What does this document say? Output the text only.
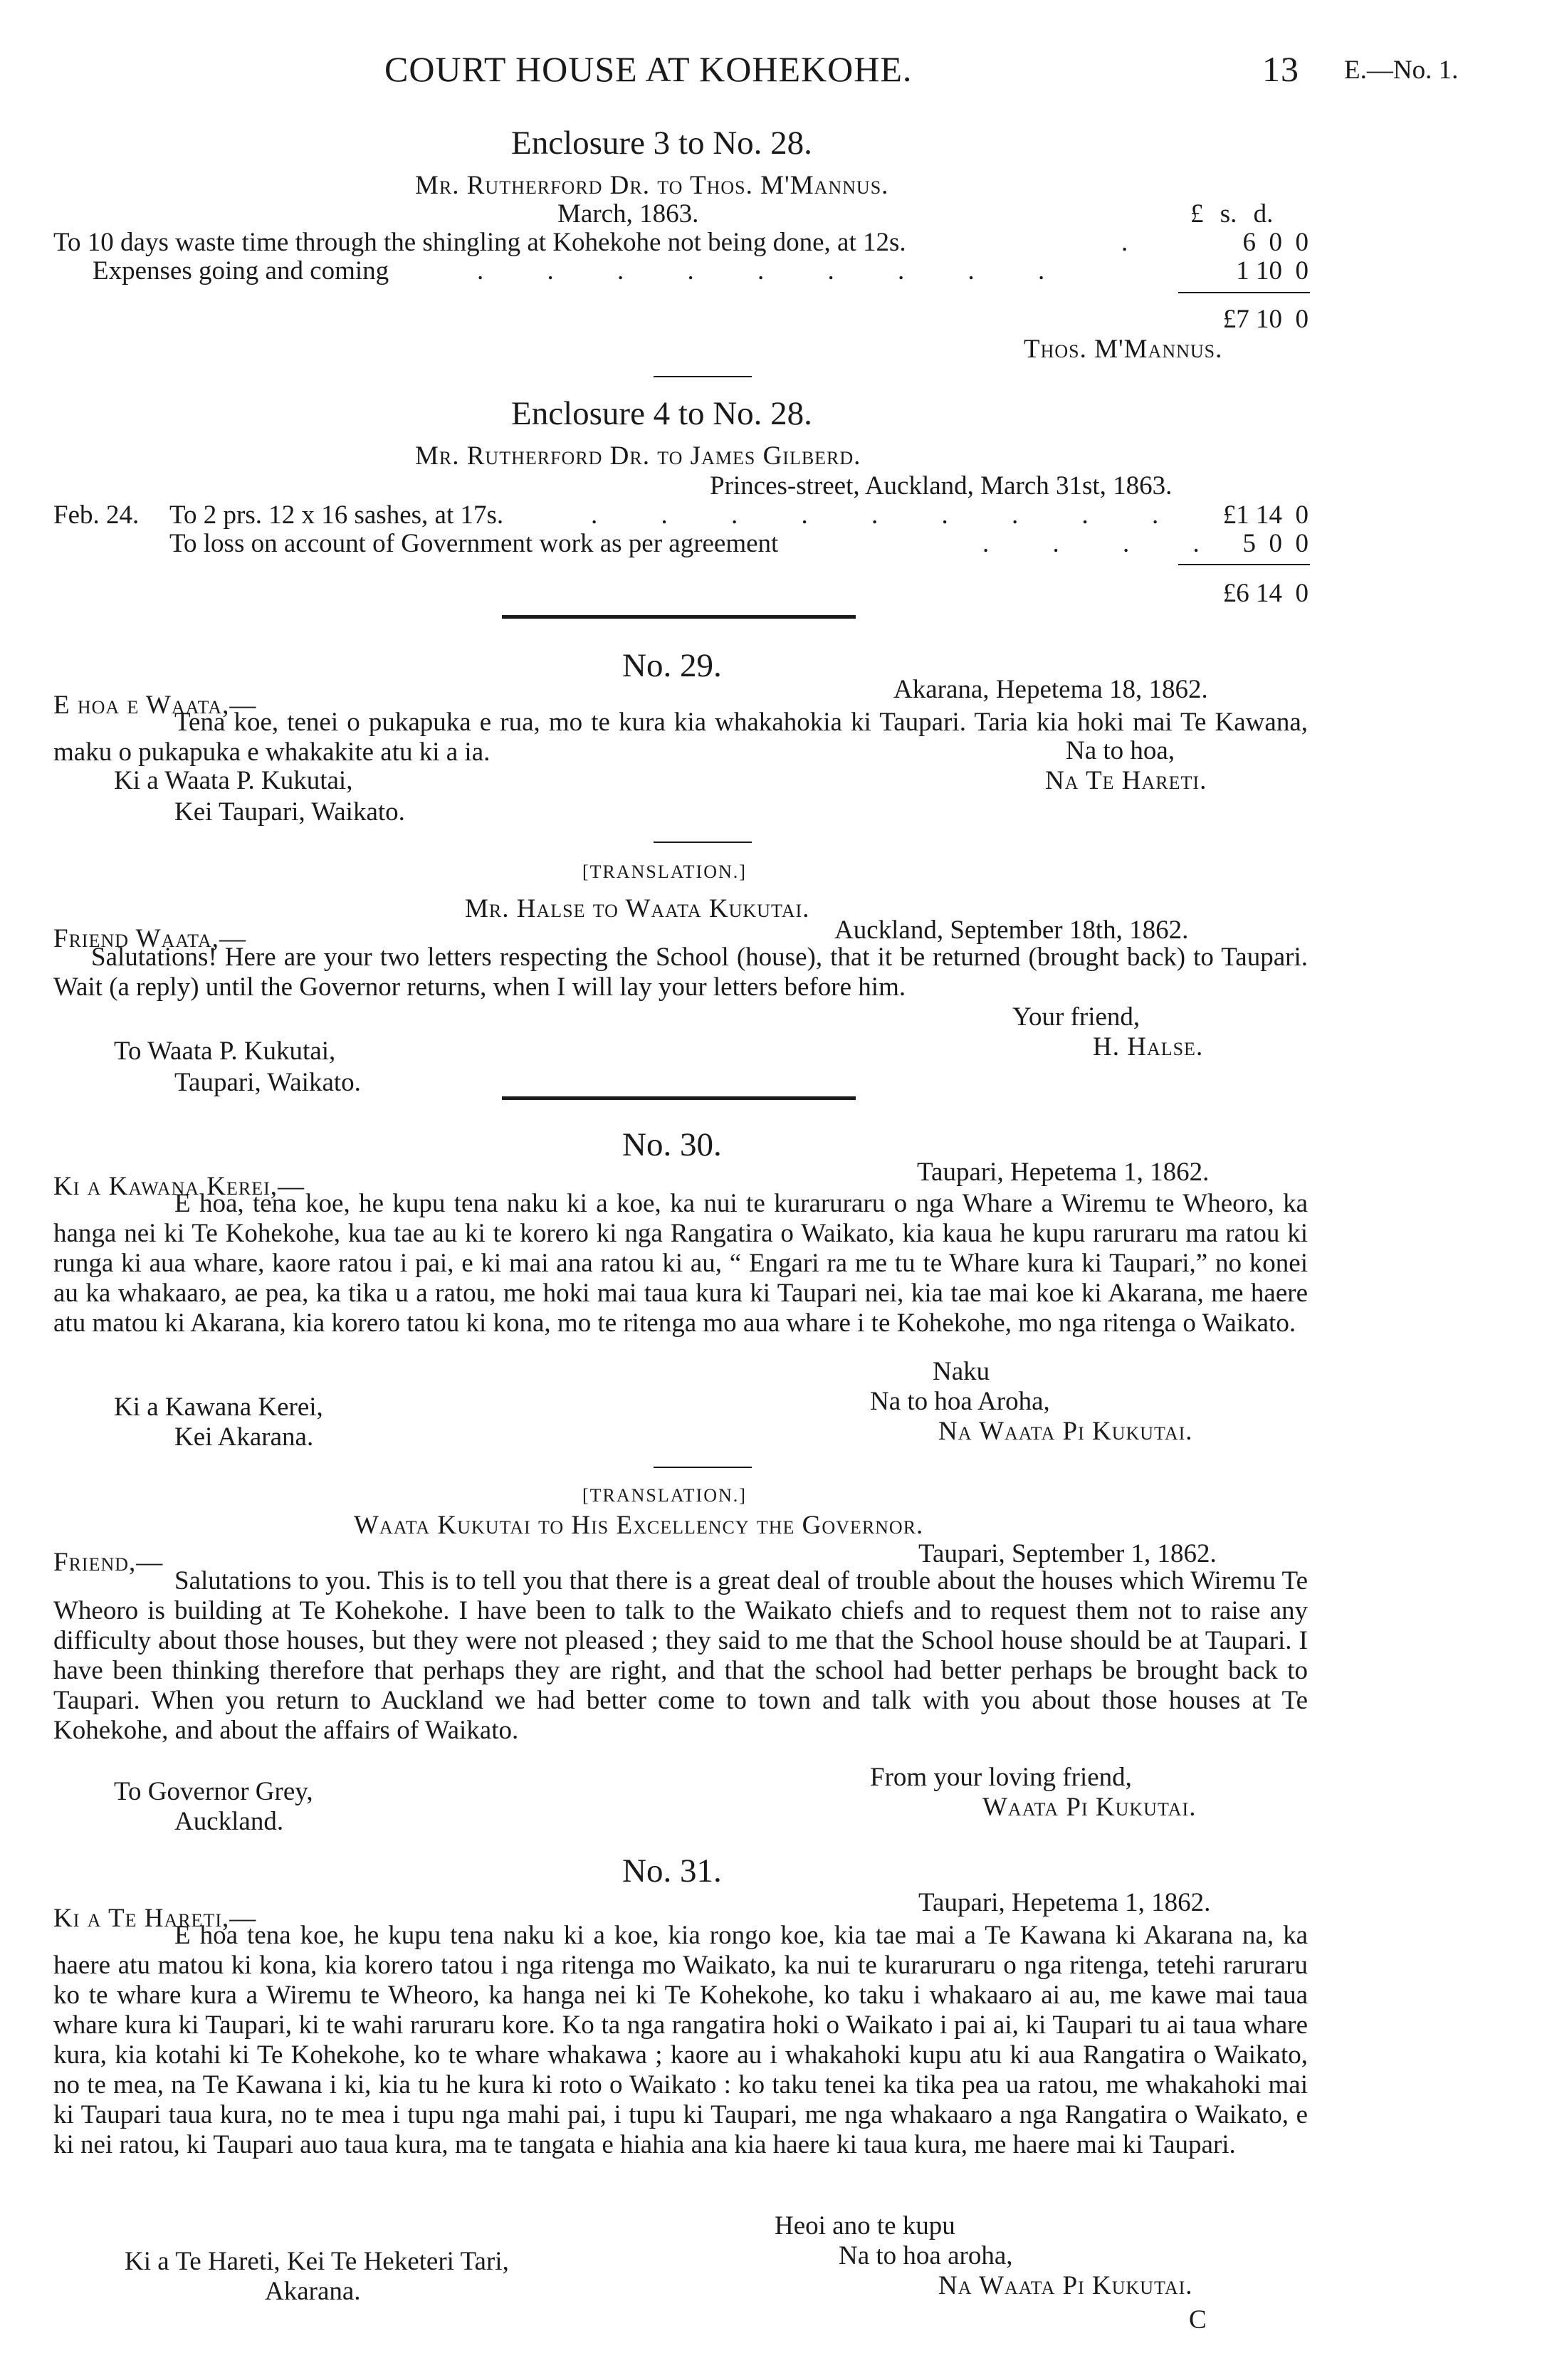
COURT HOUSE AT KOHEKOHE.	13 E.—No. 1.
Enclosure 3 to No. 28.
Mr. Rutherford Dr. to Thos. M'Mannus.
March, 1863.	£ s. d.
To 10 days waste time through the shingling at Kohekohe not being done, at 12s.	.	6  0  0
Expenses going and coming	. . . . . . . . .	1 10  0
£7 10  0
Thos. M'Mannus.
Enclosure 4 to No. 28.
Mr. Rutherford Dr. to James Gilberd.
Princes-street, Auckland, March 31st, 1863.
Feb. 24. To 2 prs. 12 x 16 sashes, at 17s.	. . . . . . . . .	£1 14  0
To loss on account of Government work as per agreement	. . . . 5  0  0
£6 14  0
No. 29.
E hoa e Waata,—
Akarana, Hepetema 18, 1862.
Tena koe, tenei o pukapuka e rua, mo te kura kia whakahokia ki Taupari. Taria kia hoki mai Te Kawana, maku o pukapuka e whakakite atu ki a ia.	Na to hoa,
Na Te Hareti.
Ki a Waata P. Kukutai,
Kei Taupari, Waikato.
[TRANSLATION.]
Mr. Halse to Waata Kukutai.
Friend Waata,—	Auckland, September 18th, 1862.

Salutations! Here are your two letters respecting the School (house), that it be returned (brought back) to Taupari. Wait (a reply) until the Governor returns, when I will lay your letters before him.

Your friend,
H. Halse.
To Waata P. Kukutai,
Taupari, Waikato.
No. 30.
Ki a Kawana Kerei,—	Taupari, Hepetema 1, 1862.

E hoa, tena koe, he kupu tena naku ki a koe, ka nui te kuraruraru o nga Whare a Wiremu te Wheoro, ka hanga nei ki Te Kohekohe, kua tae au ki te korero ki nga Rangatira o Waikato, kia kaua he kupu raruraru ma ratou ki runga ki aua whare, kaore ratou i pai, e ki mai ana ratou ki au, “ Engari ra me tu te Whare kura ki Taupari,” no konei au ka whakaaro, ae pea, ka tika u a ratou, me hoki mai taua kura ki Taupari nei, kia tae mai koe ki Akarana, me haere atu matou ki Akarana, kia korero tatou ki kona, mo te ritenga mo aua whare i te Kohekohe, mo nga ritenga o Waikato.

Naku
Na to hoa Aroha,
Na Waata Pi Kukutai.
Ki a Kawana Kerei,
Kei Akarana.
[TRANSLATION.]
Waata Kukutai to His Excellency the Governor.
Friend,—	Taupari, September 1, 1862.

Salutations to you. This is to tell you that there is a great deal of trouble about the houses which Wiremu Te Wheoro is building at Te Kohekohe. I have been to talk to the Waikato chiefs and to request them not to raise any difficulty about those houses, but they were not pleased ; they said to me that the School house should be at Taupari. I have been thinking therefore that perhaps they are right, and that the school had better perhaps be brought back to Taupari. When you return to Auckland we had better come to town and talk with you about those houses at Te Kohekohe, and about the affairs of Waikato.

From your loving friend,
Waata Pi Kukutai.
To Governor Grey,
Auckland.
No. 31.
Ki a Te Hareti,—
Taupari, Hepetema 1, 1862.

E hoa tena koe, he kupu tena naku ki a koe, kia rongo koe, kia tae mai a Te Kawana ki Akarana na, ka haere atu matou ki kona, kia korero tatou i nga ritenga mo Waikato, ka nui te kuraruraru o nga ritenga, tetehi raruraru ko te whare kura a Wiremu te Wheoro, ka hanga nei ki Te Kohekohe, ko taku i whakaaro ai au, me kawe mai taua whare kura ki Taupari, ki te wahi raruraru kore. Ko ta nga rangatira hoki o Waikato i pai ai, ki Taupari tu ai taua whare kura, kia kotahi ki Te Kohekohe, ko te whare whakawa ; kaore au i whakahoki kupu atu ki aua Rangatira o Waikato, no te mea, na Te Kawana i ki, kia tu he kura ki roto o Waikato : ko taku tenei ka tika pea ua ratou, me whakahoki mai ki Taupari taua kura, no te mea i tupu nga mahi pai, i tupu ki Taupari, me nga whakaaro a nga Rangatira o Waikato, e ki nei ratou, ki Taupari auo taua kura, ma te tangata e hiahia ana kia haere ki taua kura, me haere mai ki Taupari.

Heoi ano te kupu
Na to hoa aroha,
Na Waata Pi Kukutai.
Ki a Te Hareti, Kei Te Heketeri Tari,
Akarana.
C
